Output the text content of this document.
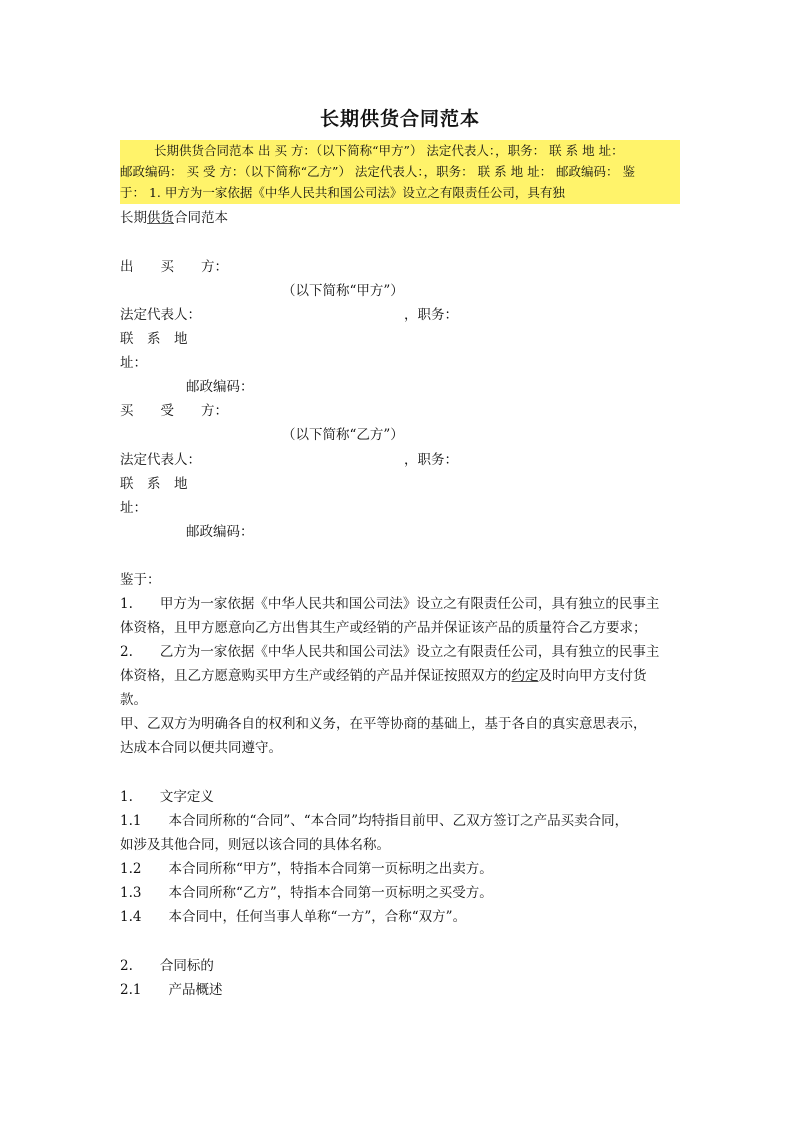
长期供货合同范本
长期供货合同范本 出 买 方：（以下简称“甲方”） 法定代表人：，职务： 联 系 地 址：
邮政编码： 买 受 方：（以下简称“乙方”） 法定代表人：，职务： 联 系 地 址： 邮政编码： 鉴
于： 1. 甲方为一家依据《中华人民共和国公司法》设立之有限责任公司，具有独
长期供货合同范本
出　　买　　方：
（以下简称“甲方”）
法定代表人：	，职务：
联　系　地
址：
邮政编码：
买　　受　　方：
（以下简称“乙方”）
法定代表人：	，职务：
联　系　地
址：
邮政编码：
鉴于：
1.　　甲方为一家依据《中华人民共和国公司法》设立之有限责任公司，具有独立的民事主
体资格，且甲方愿意向乙方出售其生产或经销的产品并保证该产品的质量符合乙方要求；
2.　　乙方为一家依据《中华人民共和国公司法》设立之有限责任公司，具有独立的民事主
体资格，且乙方愿意购买甲方生产或经销的产品并保证按照双方的约定及时向甲方支付货
款。
甲、乙双方为明确各自的权利和义务，在平等协商的基础上，基于各自的真实意思表示，
达成本合同以便共同遵守。
1.　　文字定义
1.1　　本合同所称的“合同”、“本合同”均特指目前甲、乙双方签订之产品买卖合同，
如涉及其他合同，则冠以该合同的具体名称。
1.2　　本合同所称“甲方”，特指本合同第一页标明之出卖方。
1.3　　本合同所称“乙方”，特指本合同第一页标明之买受方。
1.4　　本合同中，任何当事人单称“一方”，合称“双方”。
2.　　合同标的
2.1　　产品概述
